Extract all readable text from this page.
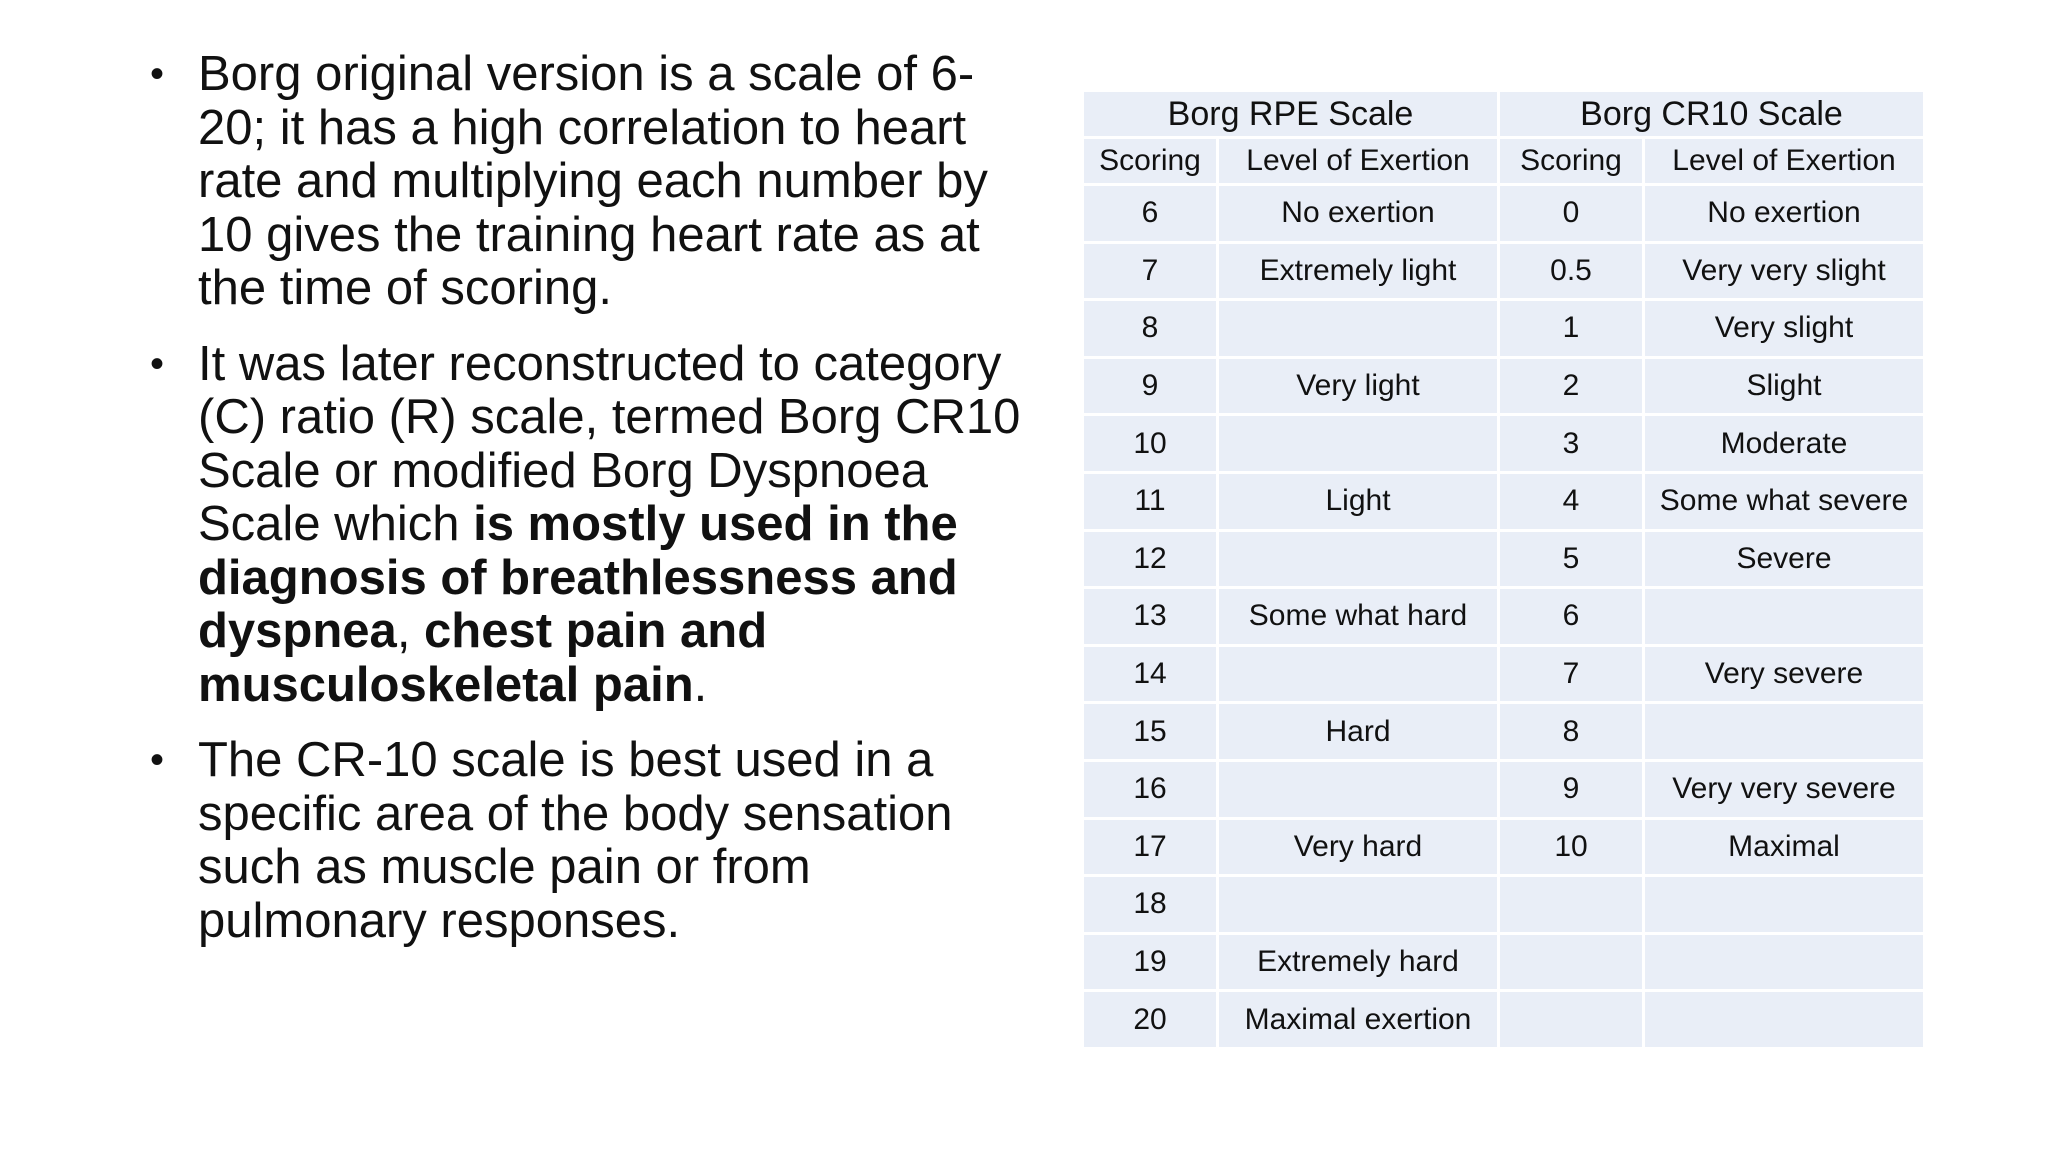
• Borg original version is a scale of 6-20; it has a high correlation to heart rate and multiplying each number by 10 gives the training heart rate as at the time of scoring.
• It was later reconstructed to category (C) ratio (R) scale, termed Borg CR10 Scale or modified Borg Dyspnoea Scale which is mostly used in the diagnosis of breathlessness and dyspnea, chest pain and musculoskeletal pain.
• The CR-10 scale is best used in a specific area of the body sensation such as muscle pain or from pulmonary responses.
Borg RPE Scale		Borg CR10 Scale	
Scoring	Level of Exertion	Scoring	Level of Exertion
6	No exertion	0	No exertion
7	Extremely light	0.5	Very very slight
8		1	Very slight
9	Very light	2	Slight
10		3	Moderate
11	Light	4	Some what severe
12		5	Severe
13	Some what hard	6	
14		7	Very severe
15	Hard	8	
16		9	Very very severe
17	Very hard	10	Maximal
18			
19	Extremely hard		
20	Maximal exertion		
